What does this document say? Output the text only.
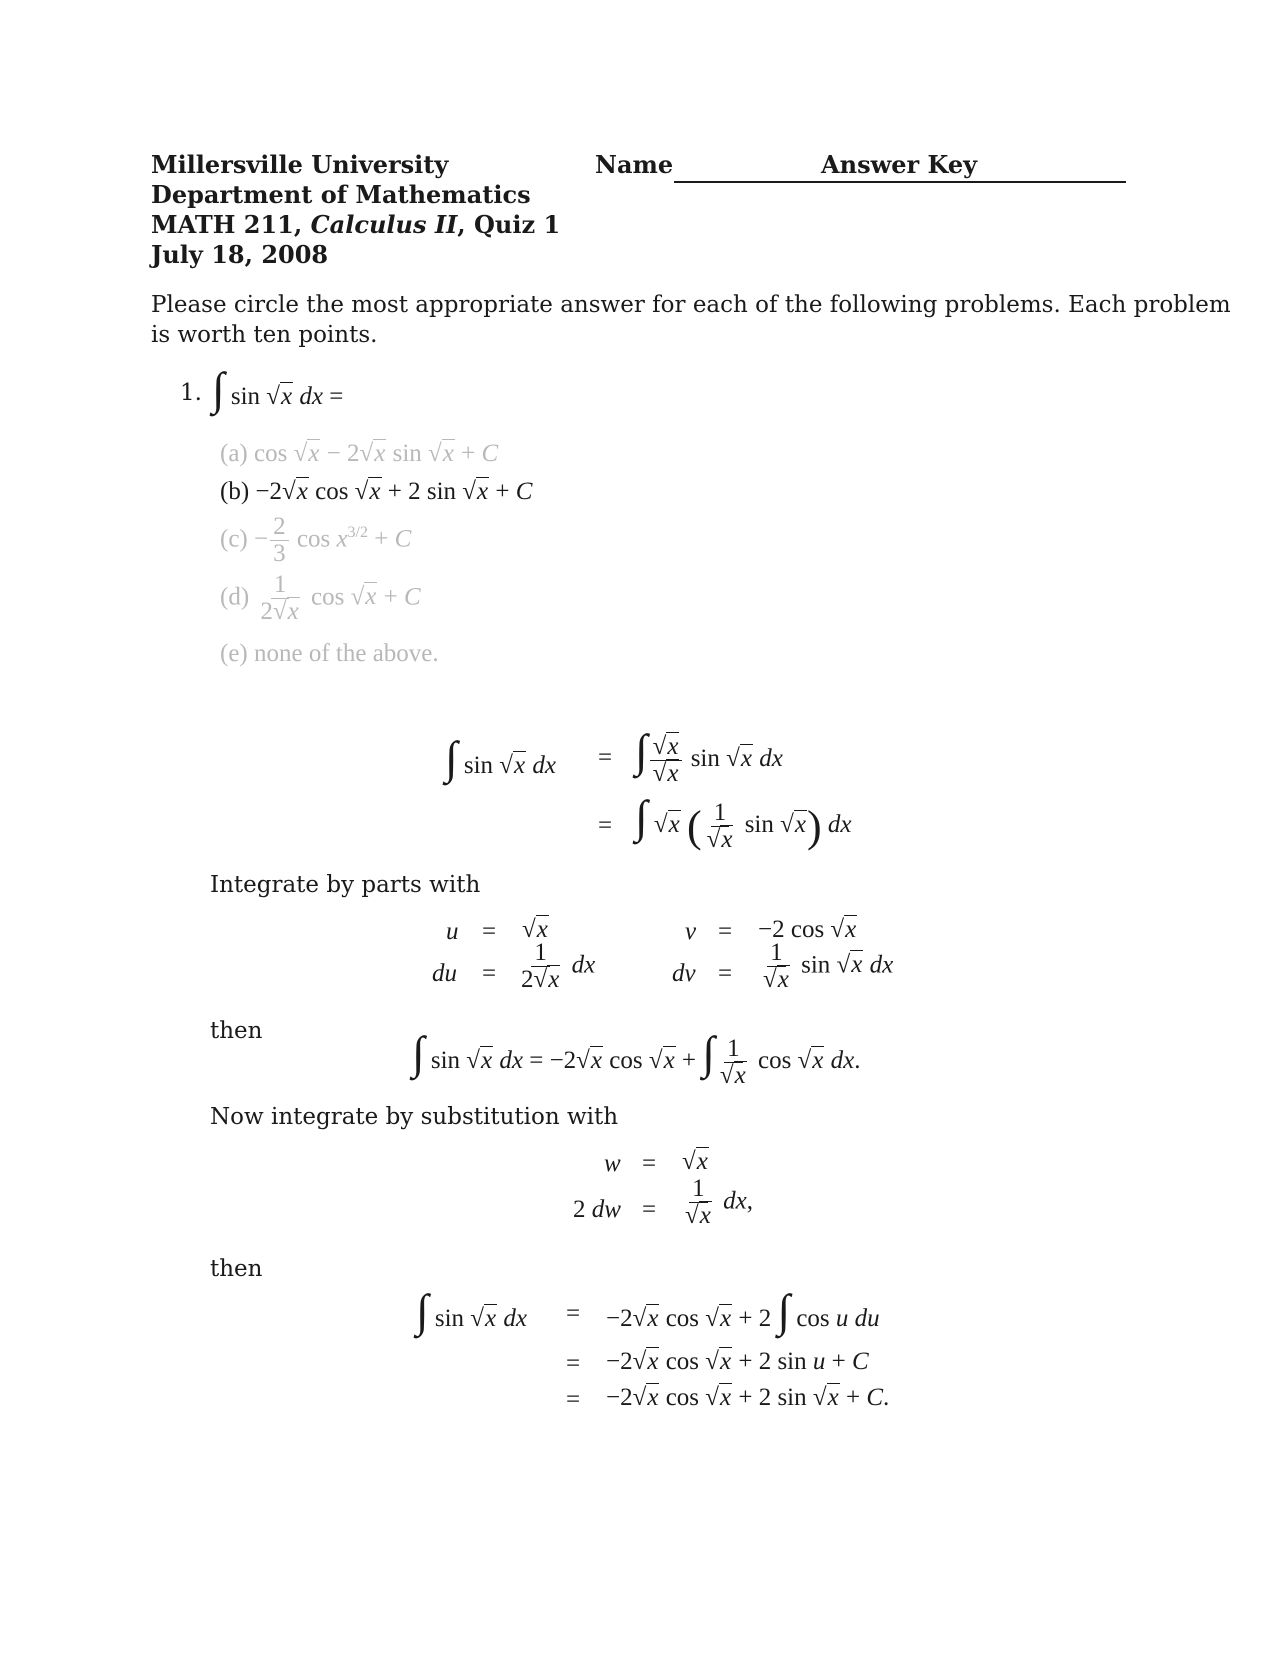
Millersville University
Department of Mathematics
MATH 211, Calculus II, Quiz 1
July 18, 2008
Name	Answer Key
Please circle the most appropriate answer for each of the following problems. Each problem
is worth ten points.
1. ∫ sin √x dx =
(a) cos √x − 2√x sin √x + C
(b) −2√x cos √x + 2 sin √x + C
$(c) - \frac{2}{3}$ $\cos x^{3/2} + C$
$(d) \frac{1}{2√x}$ cos √x + C
(e) none of the above.
∫ sin √x dx = ∫ $\frac{√x}{√x}$ sin √x dx
= ∫ √x ( $\frac{1}{√x}$ sin √x) dx
Integrate by parts with
u = √x
du = $\frac{1}{2√x}$ dx
v = −2 cos √x
dv = $\frac{1}{√x}$ sin √x dx
then	∫ sin √x dx = −2√x cos √x + ∫ $\frac{1}{√x}$ cos √x dx.
Now integrate by substitution with
w = √x
2 dw = $\frac{1}{√x}$ dx,
then
∫ sin √x dx = −2√x cos √x + 2 ∫ cos u du
= −2√x cos √x + 2 sin u + C
= −2√x cos √x + 2 sin √x + C.
